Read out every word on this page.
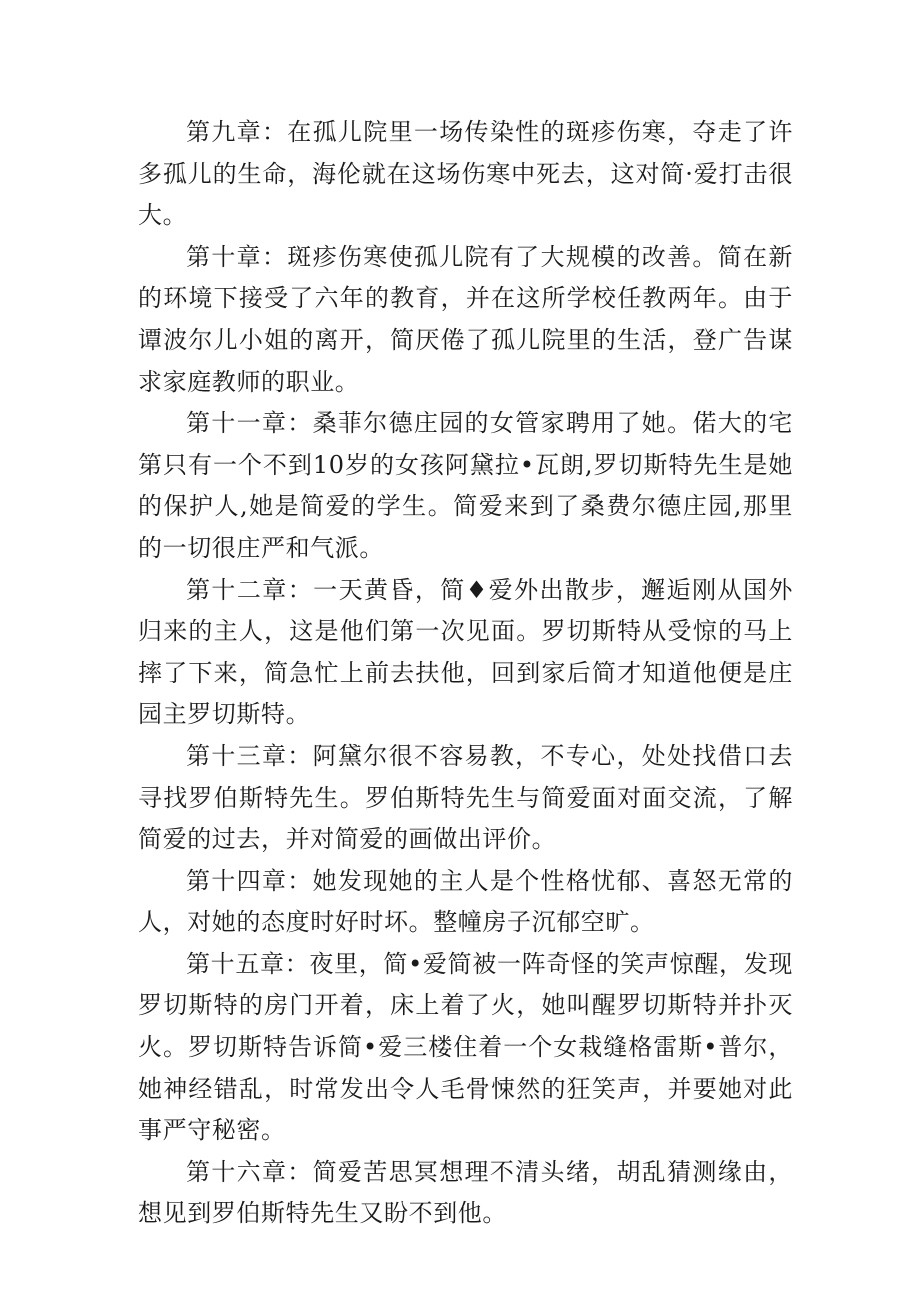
第九章：在孤儿院里一场传染性的斑疹伤寒，夺走了许多孤儿的生命，海伦就在这场伤寒中死去，这对简·爱打击很大。

第十章：斑疹伤寒使孤儿院有了大规模的改善。简在新的环境下接受了六年的教育，并在这所学校任教两年。由于谭波尔儿小姐的离开，简厌倦了孤儿院里的生活，登广告谋求家庭教师的职业。

第十一章：桑菲尔德庄园的女管家聘用了她。偌大的宅第只有一个不到10岁的女孩阿黛拉•瓦朗,罗切斯特先生是她的保护人,她是简爱的学生。简爱来到了桑费尔德庄园,那里的一切很庄严和气派。

第十二章：一天黄昏，简♦爱外出散步，邂逅刚从国外归来的主人，这是他们第一次见面。罗切斯特从受惊的马上摔了下来，简急忙上前去扶他，回到家后简才知道他便是庄园主罗切斯特。

第十三章：阿黛尔很不容易教，不专心，处处找借口去寻找罗伯斯特先生。罗伯斯特先生与简爱面对面交流，了解简爱的过去，并对简爱的画做出评价。

第十四章：她发现她的主人是个性格忧郁、喜怒无常的人，对她的态度时好时坏。整幢房子沉郁空旷。

第十五章：夜里，简•爱简被一阵奇怪的笑声惊醒，发现罗切斯特的房门开着，床上着了火，她叫醒罗切斯特并扑灭火。罗切斯特告诉简•爱三楼住着一个女栽缝格雷斯•普尔，她神经错乱，时常发出令人毛骨悚然的狂笑声，并要她对此事严守秘密。

第十六章：简爱苦思冥想理不清头绪，胡乱猜测缘由，想见到罗伯斯特先生又盼不到他。
